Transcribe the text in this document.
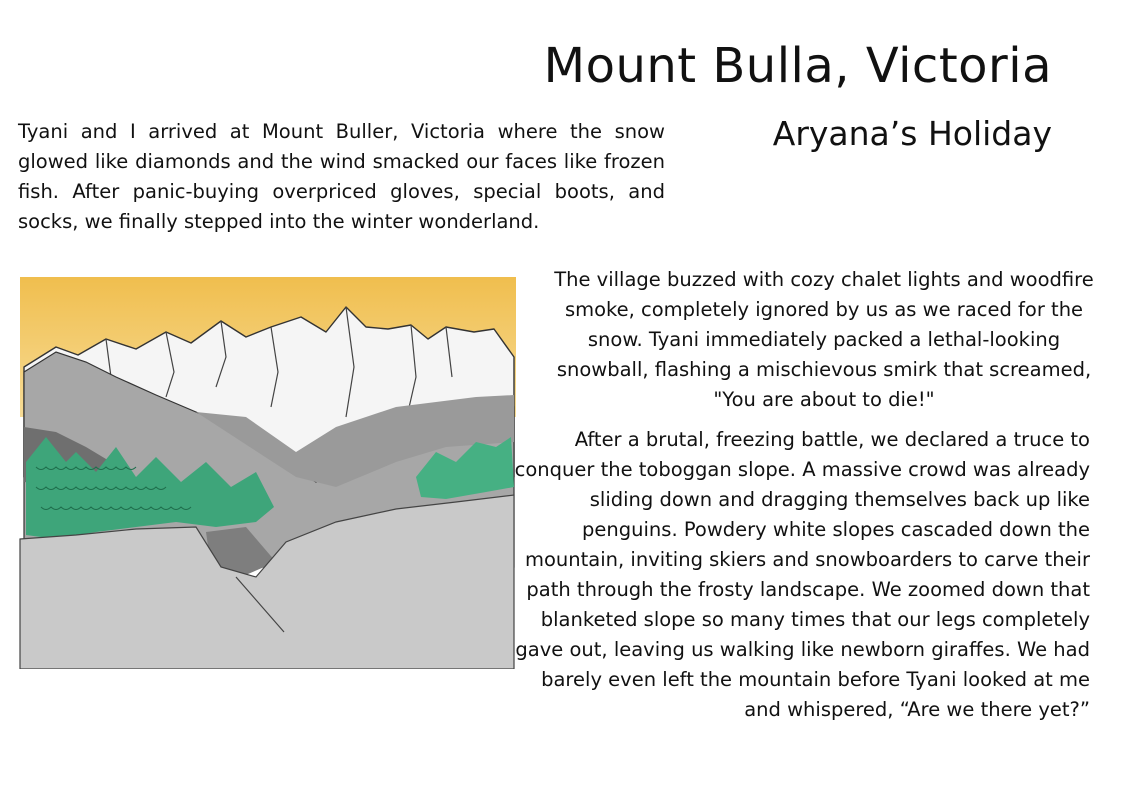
Mount Bulla, Victoria
Aryana’s Holiday

Tyani and I arrived at Mount Buller, Victoria where the snow glowed like diamonds and the wind smacked our faces like frozen fish. After panic-buying overpriced gloves, special boots, and socks, we finally stepped into the winter wonderland.

The village buzzed with cozy chalet lights and woodfire smoke, completely ignored by us as we raced for the snow. Tyani immediately packed a lethal-looking snowball, flashing a mischievous smirk that screamed, "You are about to die!"

After a brutal, freezing battle, we declared a truce to conquer the toboggan slope. A massive crowd was already sliding down and dragging themselves back up like penguins. Powdery white slopes cascaded down the mountain, inviting skiers and snowboarders to carve their path through the frosty landscape. We zoomed down that blanketed slope so many times that our legs completely gave out, leaving us walking like newborn giraffes. We had barely even left the mountain before Tyani looked at me and whispered, “Are we there yet?”
